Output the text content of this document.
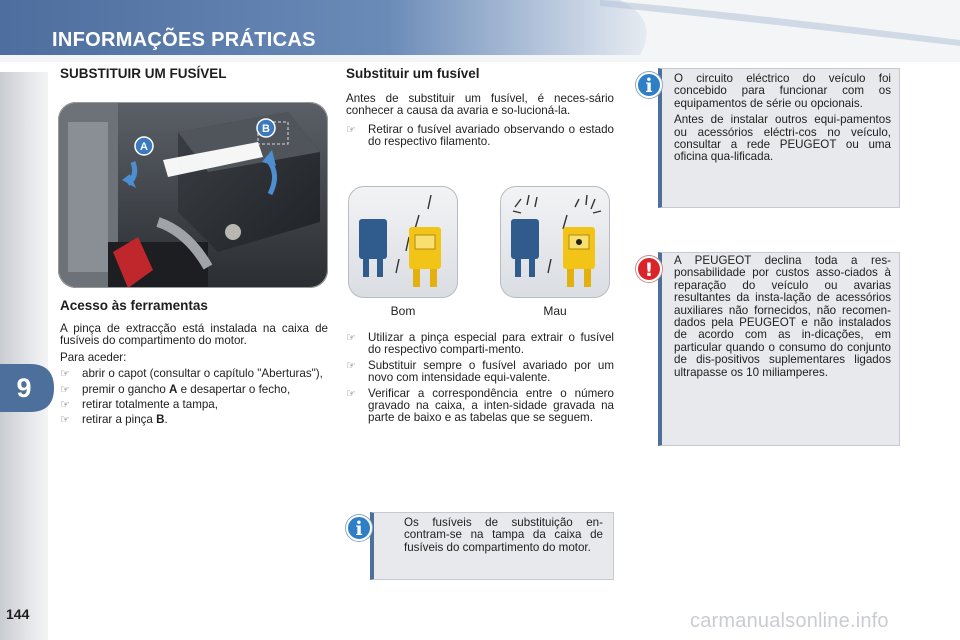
INFORMAÇÕES PRÁTICAS
9
144
SUBSTITUIR UM FUSÍVEL
A
B
Acesso às ferramentas

A pinça de extracção está instalada na caixa de fusíveis do compartimento do motor.

Para aceder:

☞ abrir o capot (consultar o capítulo "Aberturas"),
☞ premir o gancho A e desapertar o fecho,
☞ retirar totalmente a tampa,
☞ retirar a pinça B.
Substituir um fusível

Antes de substituir um fusível, é neces-sário conhecer a causa da avaria e so-lucioná-la.

☞ Retirar o fusível avariado observando o estado do respectivo filamento.
Bom	Mau
☞ Utilizar a pinça especial para extrair o fusível do respectivo comparti-mento.
☞ Substituir sempre o fusível avariado por um novo com intensidade equi-valente.
☞ Verificar a correspondência entre o número gravado na caixa, a inten-sidade gravada na parte de baixo e as tabelas que se seguem.

Os fusíveis de substituição en-contram-se na tampa da caixa de fusíveis do compartimento do motor.

i

O circuito eléctrico do veículo foi concebido para funcionar com os equipamentos de série ou opcionais.

Antes de instalar outros equi-pamentos ou acessórios eléctri-cos no veículo, consultar a rede PEUGEOT ou uma oficina qua-lificada.

i

A PEUGEOT declina toda a res-ponsabilidade por custos asso-ciados à reparação do veículo ou avarias resultantes da insta-lação de acessórios auxiliares não fornecidos, não recomen-dados pela PEUGEOT e não instalados de acordo com as in-dicações, em particular quando o consumo do conjunto de dis-positivos suplementares ligados ultrapasse os 10 miliamperes.

!
carmanualsonline.info
